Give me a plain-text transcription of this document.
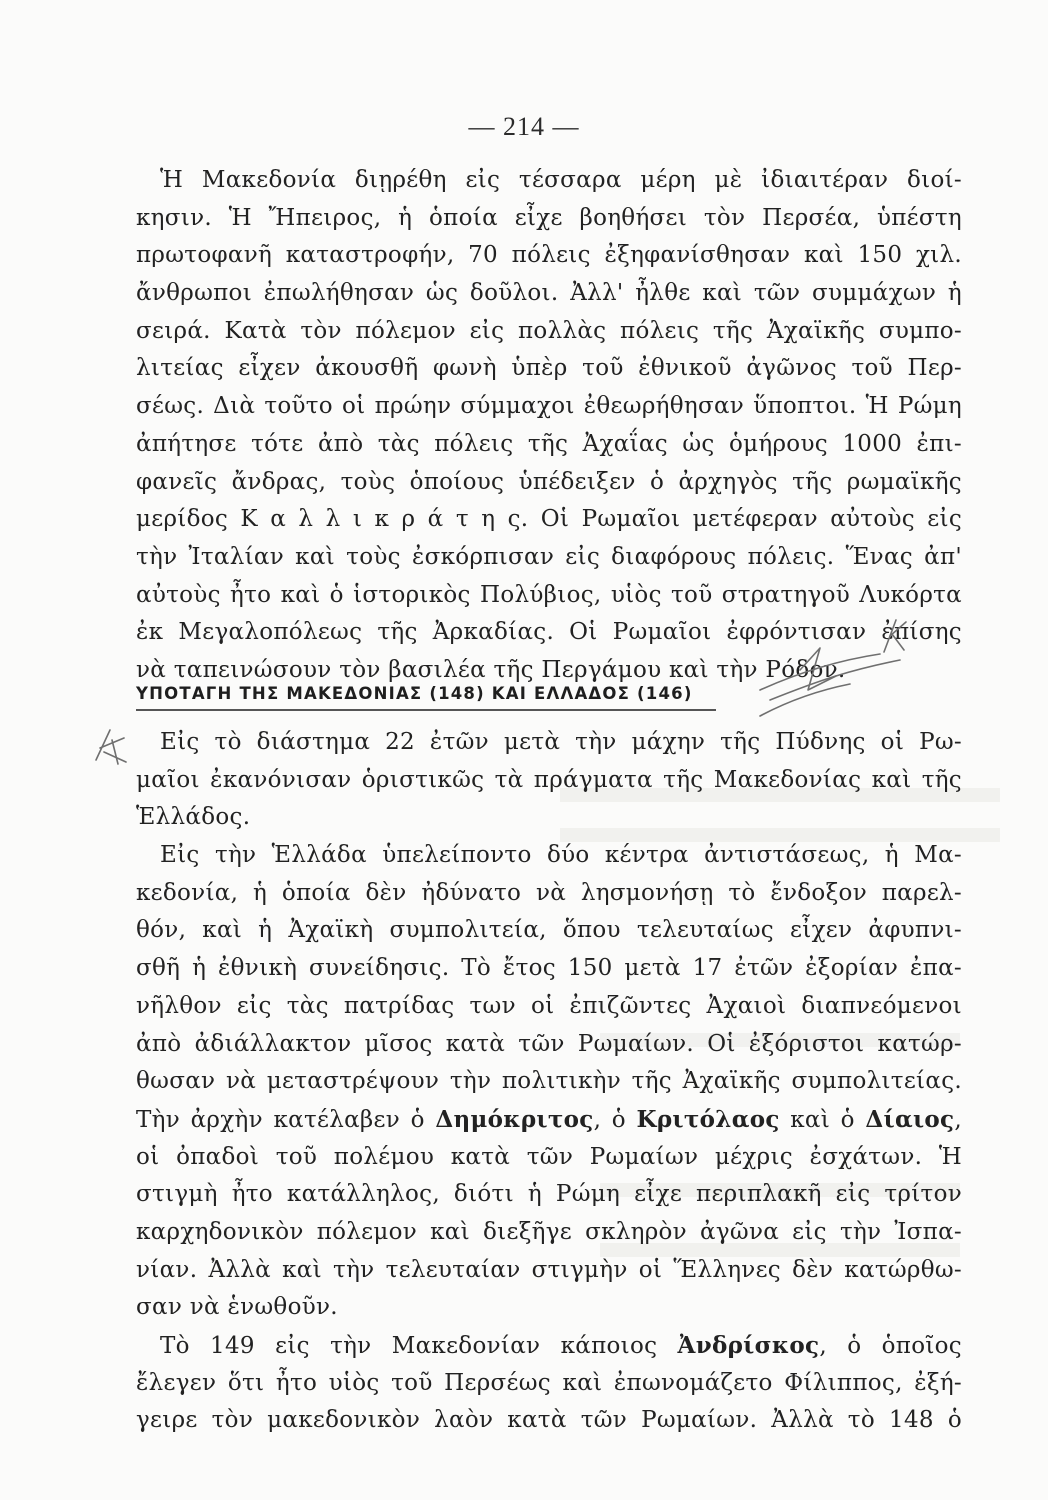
— 214 —
Ἡ Μακεδονία διῃρέθη εἰς τέσσαρα μέρη μὲ ἰδιαιτέραν διοί-
κησιν. Ἡ Ἤπειρος, ἡ ὁποία εἶχε βοηθήσει τὸν Περσέα, ὑπέστη
πρωτοφανῆ καταστροφήν, 70 πόλεις ἐξηφανίσθησαν καὶ 150 χιλ.
ἄνθρωποι ἐπωλήθησαν ὡς δοῦλοι. Ἀλλ' ἦλθε καὶ τῶν συμμάχων ἡ
σειρά. Κατὰ τὸν πόλεμον εἰς πολλὰς πόλεις τῆς Ἀχαϊκῆς συμπο-
λιτείας εἶχεν ἀκουσθῆ φωνὴ ὑπὲρ τοῦ ἐθνικοῦ ἀγῶνος τοῦ Περ-
σέως. Διὰ τοῦτο οἱ πρώην σύμμαχοι ἐθεωρήθησαν ὕποπτοι. Ἡ Ρώμη
ἀπήτησε τότε ἀπὸ τὰς πόλεις τῆς Ἀχαΐας ὡς ὁμήρους 1000 ἐπι-
φανεῖς ἄνδρας, τοὺς ὁποίους ὑπέδειξεν ὁ ἀρχηγὸς τῆς ρωμαϊκῆς
μερίδος Κ α λ λ ι κ ρ ά τ η ς. Οἱ Ρωμαῖοι μετέφεραν αὐτοὺς εἰς
τὴν Ἰταλίαν καὶ τοὺς ἐσκόρπισαν εἰς διαφόρους πόλεις. Ἕνας ἀπ'
αὐτοὺς ἦτο καὶ ὁ ἱστορικὸς Πολύβιος, υἱὸς τοῦ στρατηγοῦ Λυκόρτα
ἐκ Μεγαλοπόλεως τῆς Ἀρκαδίας. Οἱ Ρωμαῖοι ἐφρόντισαν ἐπίσης
νὰ ταπεινώσουν τὸν βασιλέα τῆς Περγάμου καὶ τὴν Ρόδον.
ΥΠΟΤΑΓΗ ΤΗΣ ΜΑΚΕΔΟΝΙΑΣ (148) ΚΑΙ ΕΛΛΑΔΟΣ (146)
Εἰς τὸ διάστημα 22 ἐτῶν μετὰ τὴν μάχην τῆς Πύδνης οἱ Ρω-
μαῖοι ἐκανόνισαν ὁριστικῶς τὰ πράγματα τῆς Μακεδονίας καὶ τῆς
Ἑλλάδος.
Εἰς τὴν Ἑλλάδα ὑπελείποντο δύο κέντρα ἀντιστάσεως, ἡ Μα-
κεδονία, ἡ ὁποία δὲν ἠδύνατο νὰ λησμονήσῃ τὸ ἔνδοξον παρελ-
θόν, καὶ ἡ Ἀχαϊκὴ συμπολιτεία, ὅπου τελευταίως εἶχεν ἀφυπνι-
σθῆ ἡ ἐθνικὴ συνείδησις. Τὸ ἔτος 150 μετὰ 17 ἐτῶν ἐξορίαν ἐπα-
νῆλθον εἰς τὰς πατρίδας των οἱ ἐπιζῶντες Ἀχαιοὶ διαπνεόμενοι
ἀπὸ ἀδιάλλακτον μῖσος κατὰ τῶν Ρωμαίων. Οἱ ἐξόριστοι κατώρ-
θωσαν νὰ μεταστρέψουν τὴν πολιτικὴν τῆς Ἀχαϊκῆς συμπολιτείας.
Τὴν ἀρχὴν κατέλαβεν ὁ Δημόκριτος, ὁ Κριτόλαος καὶ ὁ Δίαιος,
οἱ ὀπαδοὶ τοῦ πολέμου κατὰ τῶν Ρωμαίων μέχρις ἐσχάτων. Ἡ
στιγμὴ ἦτο κατάλληλος, διότι ἡ Ρώμη εἶχε περιπλακῆ εἰς τρίτον
καρχηδονικὸν πόλεμον καὶ διεξῆγε σκληρὸν ἀγῶνα εἰς τὴν Ἰσπα-
νίαν. Ἀλλὰ καὶ τὴν τελευταίαν στιγμὴν οἱ Ἕλληνες δὲν κατώρθω-
σαν νὰ ἑνωθοῦν.
Τὸ 149 εἰς τὴν Μακεδονίαν κάποιος Ἀνδρίσκος, ὁ ὁποῖος
ἔλεγεν ὅτι ἦτο υἱὸς τοῦ Περσέως καὶ ἐπωνομάζετο Φίλιππος, ἐξή-
γειρε τὸν μακεδονικὸν λαὸν κατὰ τῶν Ρωμαίων. Ἀλλὰ τὸ 148 ὁ
